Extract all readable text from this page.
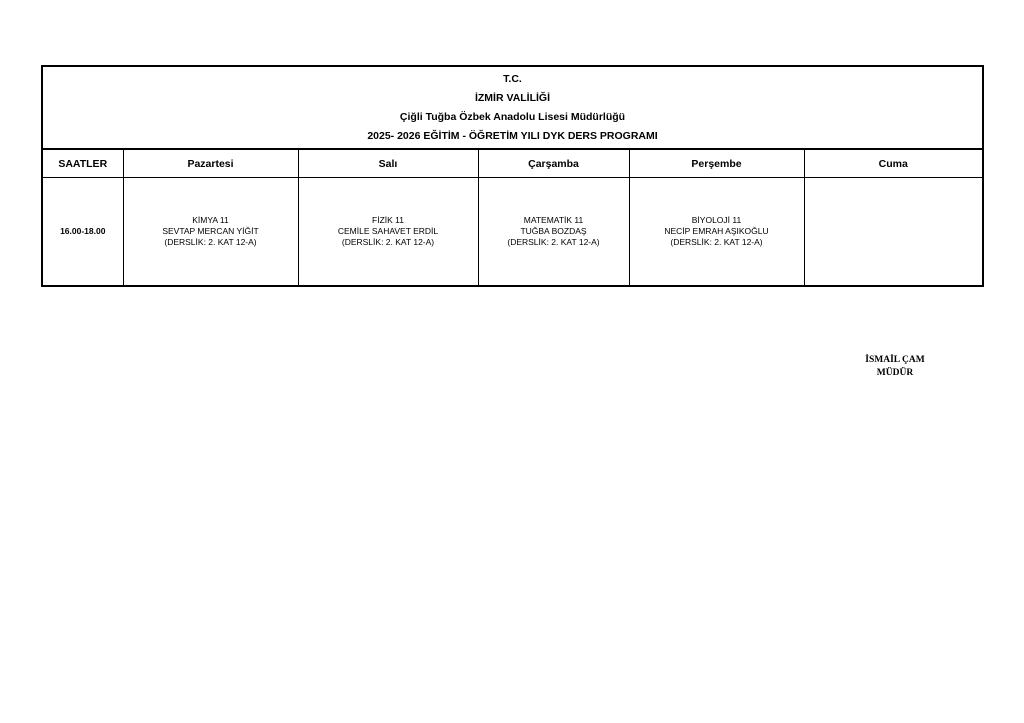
T.C.
İZMİR VALİLİĞİ
Çiğli Tuğba Özbek Anadolu Lisesi Müdürlüğü
2025- 2026 EĞİTİM - ÖĞRETİM YILI DYK DERS PROGRAMI
SAATLER	Pazartesi	Salı	Çarşamba	Perşembe	Cuma
16.00-18.00	KİMYA 11
SEVTAP MERCAN YİĞİT
(DERSLİK: 2. KAT 12-A)	FİZİK 11
CEMİLE SAHAVET ERDİL
(DERSLİK: 2. KAT 12-A)	MATEMATİK 11
TUĞBA BOZDAŞ
(DERSLİK: 2. KAT 12-A)	BİYOLOJİ 11
NECİP EMRAH AŞIKOĞLU
(DERSLİK: 2. KAT 12-A)	

İSMAİL ÇAM
MÜDÜR
